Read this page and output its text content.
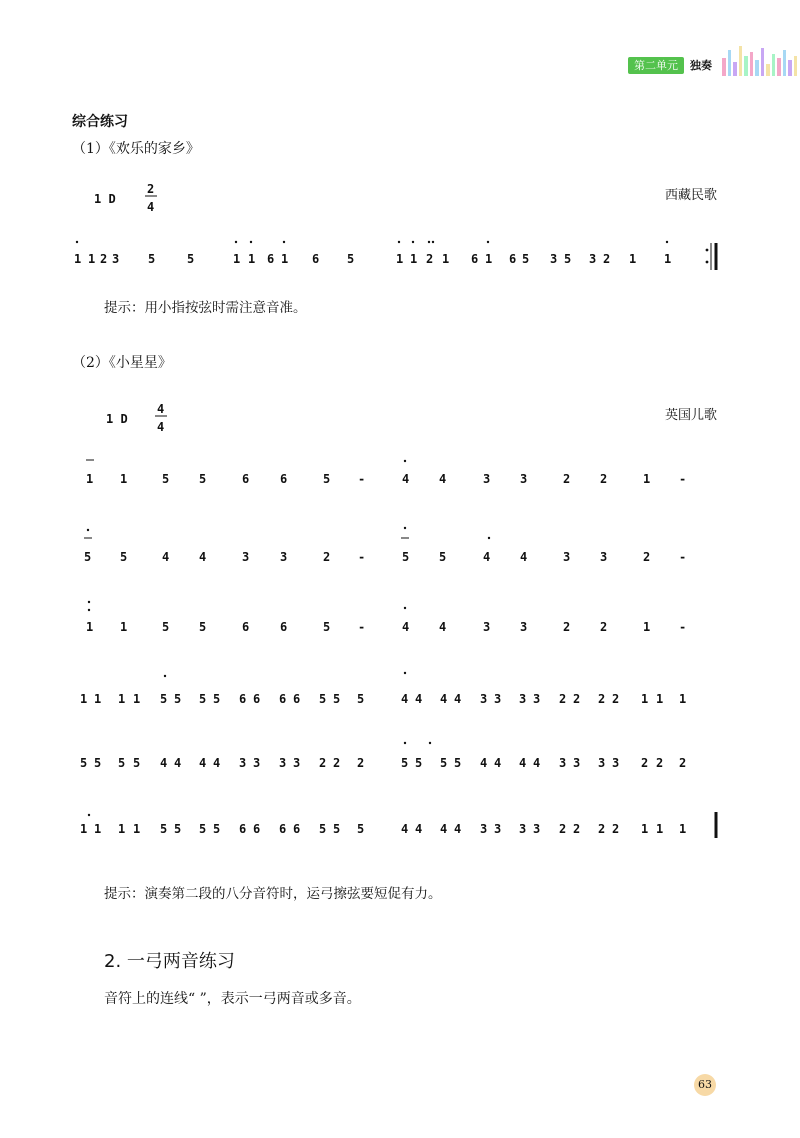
第二单元	独奏
综合练习
（1）《欢乐的家乡》
西藏民歌
（2）《小星星》
英国儿歌
提示：用小指按弦时需注意音准。
提示：演奏第二段的八分音符时，运弓擦弦要短促有力。
2. 一弓两音练习
音符上的连线“ ”，表示一弓两音或多音。
63
1 D
2
4
1 1 2 3 5	5	1 1 6 1 6 5	1 1 2 1 6 1 6 5 3 5 3 2 1 1
1 D
4
4
1 1	5 5	6	6	5 -	4 4	3 3	2 2	1 -
5 5	4 4	3	3	2 -	5 5	4 4	3 3	2 -
1 1	5 5	6	6	5 -	4 4	3 3	2 2	1 -
1 1 1 1 5 5 5 5 6 6 6 6 5 5 5	4 4 4 4 3 3 3 3 2 2 2 2 1 1 1
5 5 5 5 4 4 4 4 3 3 3 3 2 2 2	5 5 5 5 4 4 4 4 3 3 3 3 2 2 2
1 1 1 1 5 5 5 5 6 6 6 6 5 5 5	4 4 4 4 3 3 3 3 2 2 2 2 1 1 1
